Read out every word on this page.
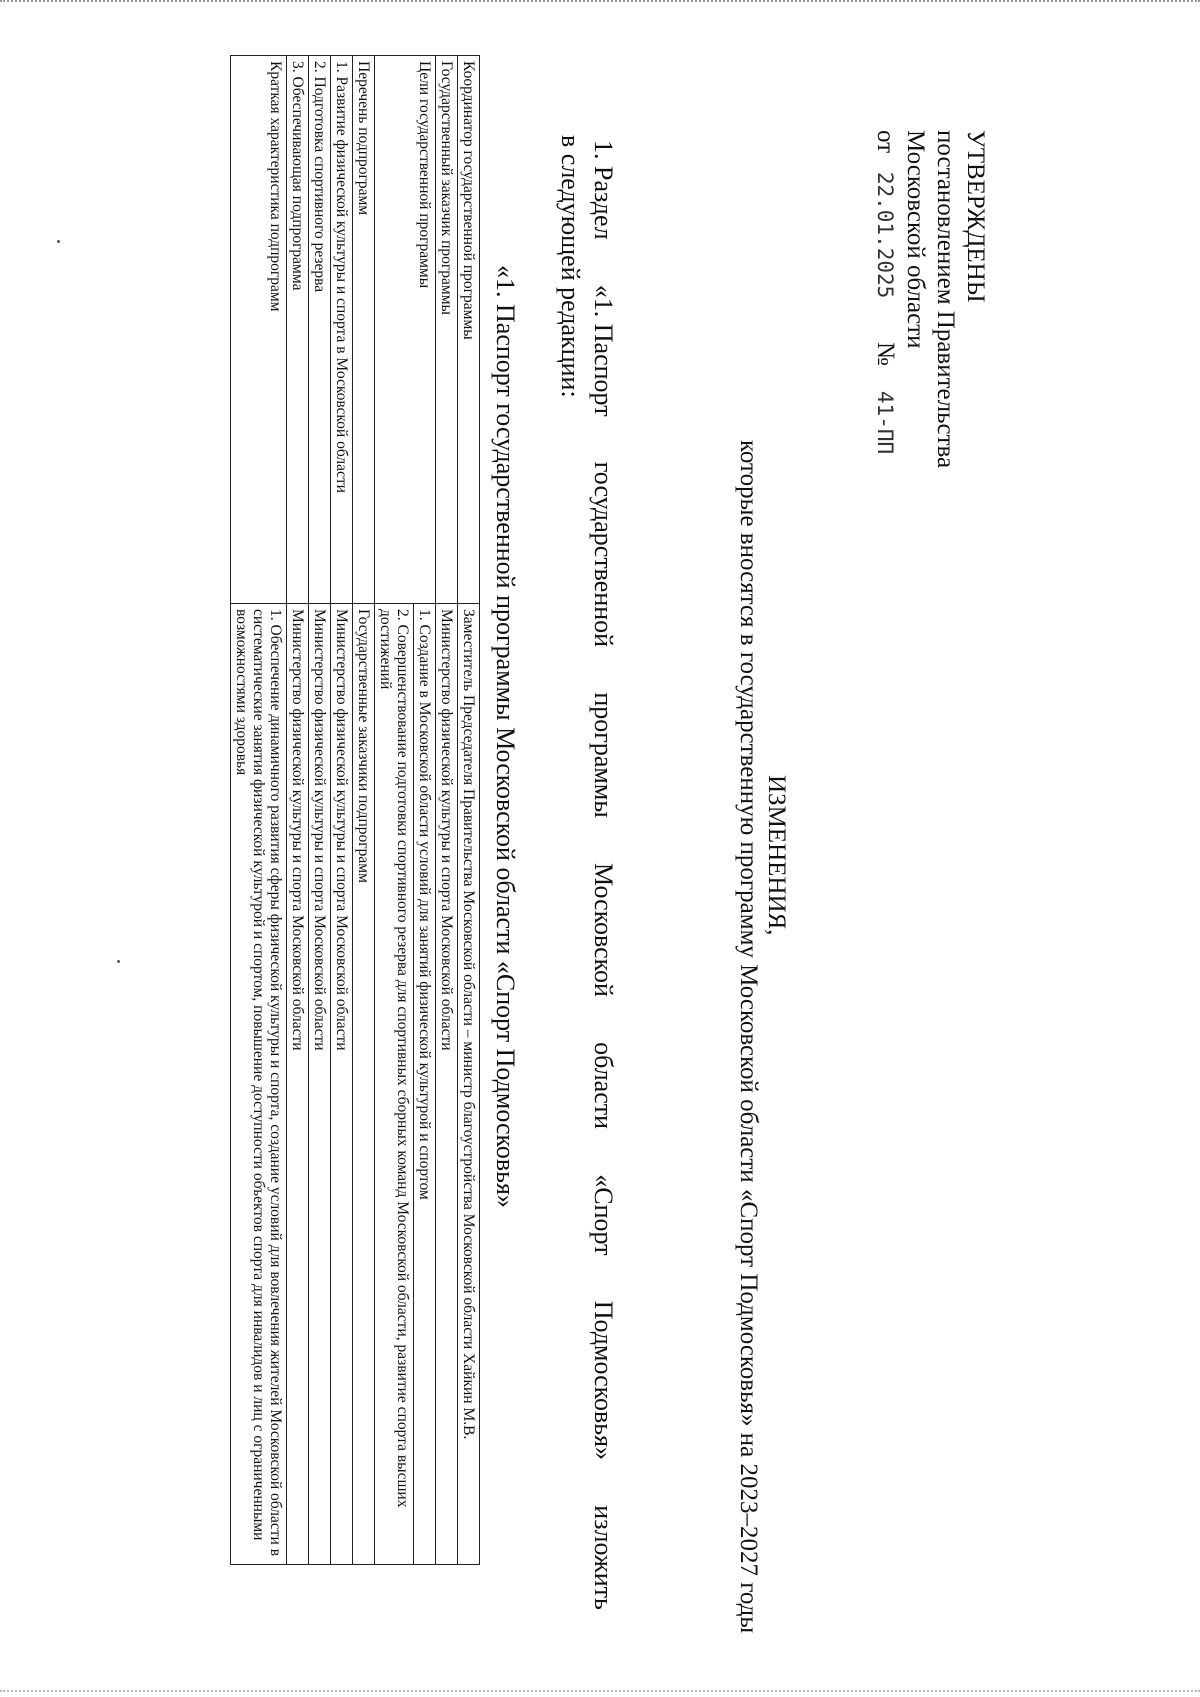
УТВЕРЖДЕНЫ
постановлением Правительства
Московской области
от   22.01.2025       №    41-ПП
ИЗМЕНЕНИЯ,
которые вносятся в государственную программу Московской области «Спорт Подмосковья» на 2023–2027 годы
1. Раздел
«1. Паспорт
государственной
программы
Московской
области
«Спорт
Подмосковья»
изложить
в следующей редакции:
«1. Паспорт государственной программы Московской области «Спорт Подмосковья»
Координатор государственной программы	Заместитель Председателя Правительства Московской области – министр благоустройства Московской области Хайкин М.В.
Государственный заказчик программы	Министерство физической культуры и спорта Московской области
Цели государственной программы	1. Создание в Московской области условий для занятий физической культурой и спортом
	2. Совершенствование подготовки спортивного резерва для спортивных сборных команд Московской области, развитие спорта высших достижений
Перечень подпрограмм	Государственные заказчики подпрограмм
1. Развитие физической культуры и спорта в Московской области	Министерство физической культуры и спорта Московской области
2. Подготовка спортивного резерва	Министерство физической культуры и спорта Московской области
3. Обеспечивающая подпрограмма	Министерство физической культуры и спорта Московской области
Краткая характеристика подпрограмм	1. Обеспечение динамичного развития сферы физической культуры и спорта, создание условий для вовлечения жителей Московской области в систематические занятия физической культурой и спортом, повышение доступности объектов спорта для инвалидов и лиц с ограниченными возможностями здоровья
